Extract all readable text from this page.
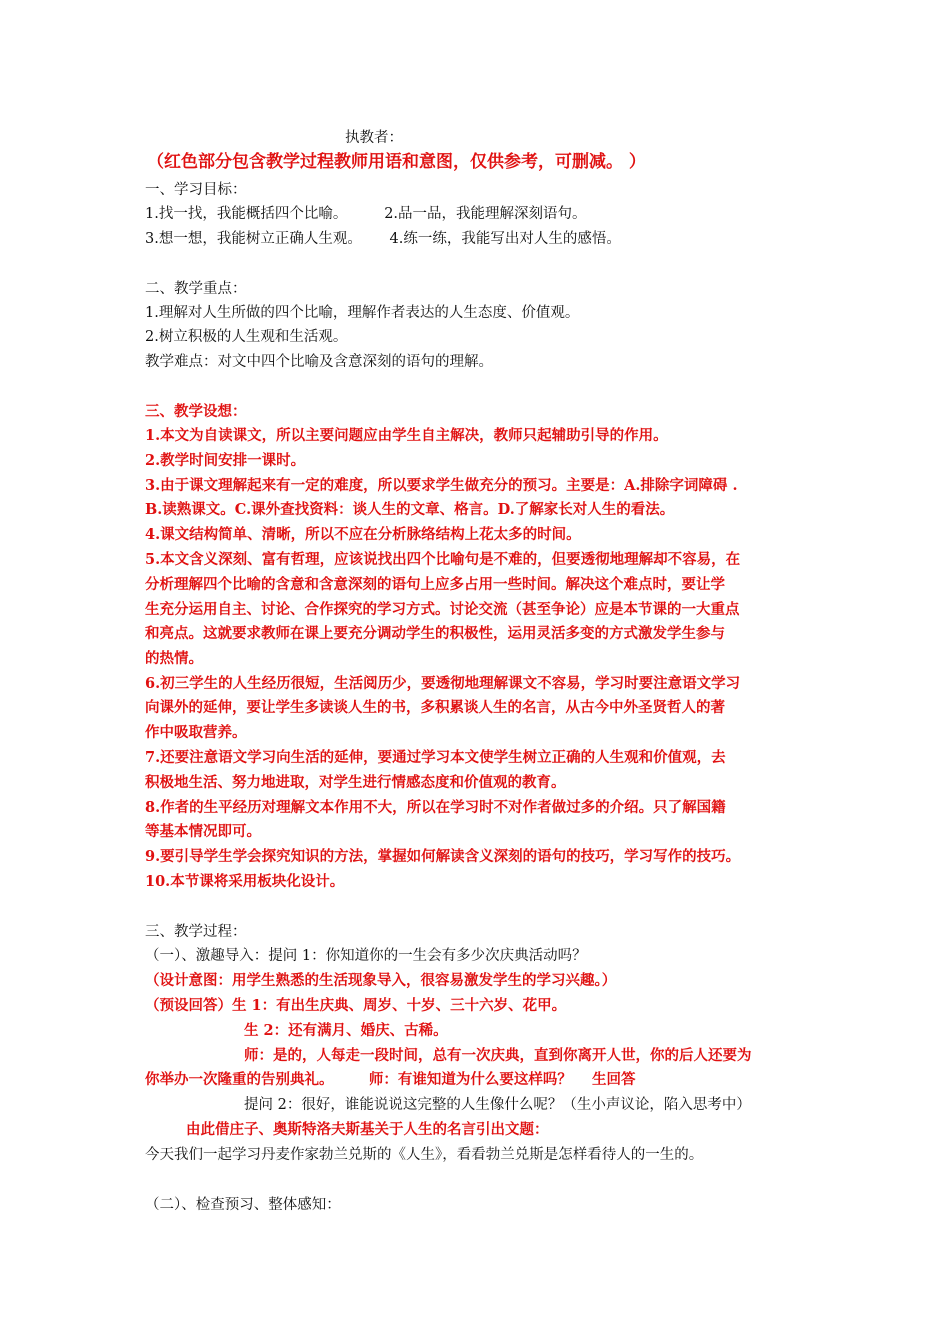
执教者：
（红色部分包含教学过程教师用语和意图，仅供参考，可删减。 ）
一、学习目标：
1.找一找，我能概括四个比喻。        2.品一品，我能理解深刻语句。
3.想一想，我能树立正确人生观。      4.练一练，我能写出对人生的感悟。
二、教学重点：
1.理解对人生所做的四个比喻，理解作者表达的人生态度、价值观。
2.树立积极的人生观和生活观。
教学难点：对文中四个比喻及含意深刻的语句的理解。
三、教学设想：
1.本文为自读课文，所以主要问题应由学生自主解决，教师只起辅助引导的作用。
2.教学时间安排一课时。
3.由于课文理解起来有一定的难度，所以要求学生做充分的预习。主要是：A.排除字词障碍 .
B.读熟课文。C.课外查找资料：谈人生的文章、格言。D.了解家长对人生的看法。
4.课文结构简单、清晰，所以不应在分析脉络结构上花太多的时间。
5.本文含义深刻、富有哲理，应该说找出四个比喻句是不难的，但要透彻地理解却不容易，在
分析理解四个比喻的含意和含意深刻的语句上应多占用一些时间。解决这个难点时，要让学
生充分运用自主、讨论、合作探究的学习方式。讨论交流（甚至争论）应是本节课的一大重点
和亮点。这就要求教师在课上要充分调动学生的积极性，运用灵活多变的方式激发学生参与
的热情。
6.初三学生的人生经历很短，生活阅历少，要透彻地理解课文不容易，学习时要注意语文学习
向课外的延伸，要让学生多读谈人生的书，多积累谈人生的名言，从古今中外圣贤哲人的著
作中吸取营养。
7.还要注意语文学习向生活的延伸，要通过学习本文使学生树立正确的人生观和价值观，去
积极地生活、努力地进取，对学生进行情感态度和价值观的教育。
8.作者的生平经历对理解文本作用不大，所以在学习时不对作者做过多的介绍。只了解国籍
等基本情况即可。
9.要引导学生学会探究知识的方法，掌握如何解读含义深刻的语句的技巧，学习写作的技巧。
10.本节课将采用板块化设计。
三、教学过程：
（一）、激趣导入：提问 1：你知道你的一生会有多少次庆典活动吗？
（设计意图：用学生熟悉的生活现象导入，很容易激发学生的学习兴趣。）
（预设回答）生 1：有出生庆典、周岁、十岁、三十六岁、花甲。
生 2：还有满月、婚庆、古稀。
师：是的，人每走一段时间，总有一次庆典，直到你离开人世，你的后人还要为
你举办一次隆重的告别典礼。       师：有谁知道为什么要这样吗？    生回答
提问 2：很好，谁能说说这完整的人生像什么呢？（生小声议论，陷入思考中）
由此借庄子、奥斯特洛夫斯基关于人生的名言引出文题：
今天我们一起学习丹麦作家勃兰兑斯的《人生》，看看勃兰兑斯是怎样看待人的一生的。
（二）、检查预习、整体感知：
